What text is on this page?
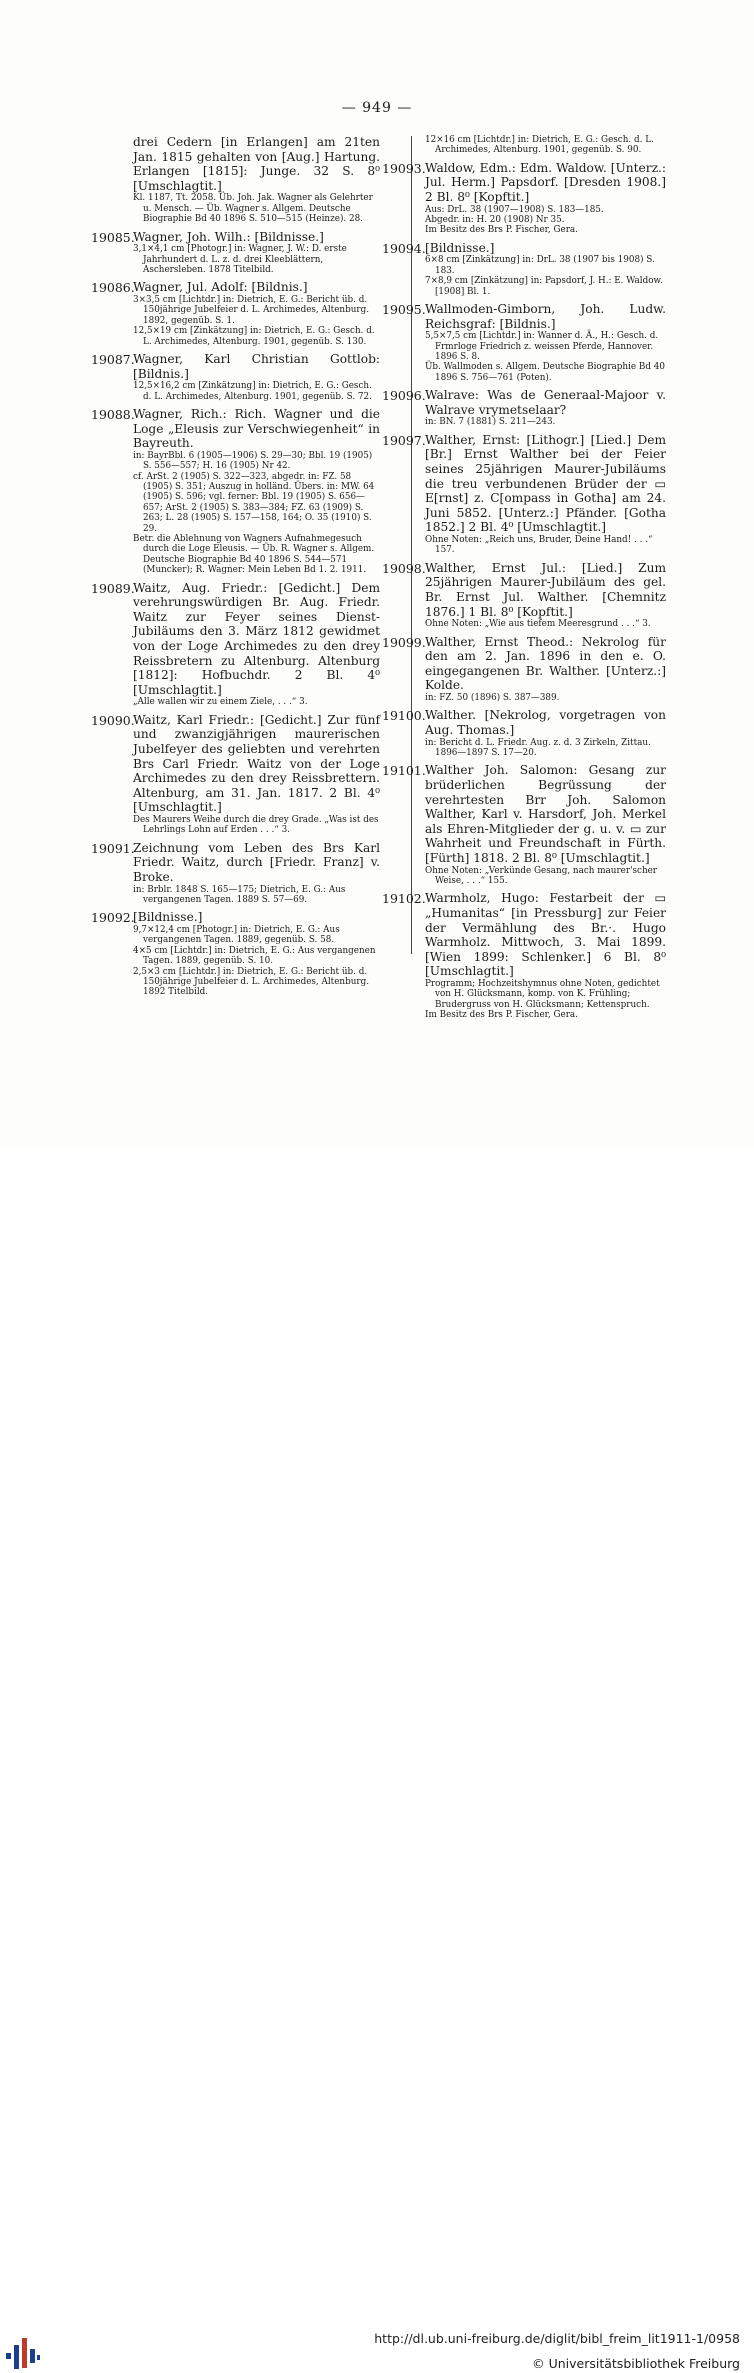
— 949 —
drei Cedern [in Erlangen] am 21ten Jan. 1815 gehalten von [Aug.] Hartung. Erlangen [1815]: Junge. 32 S. 8⁰ [Umschlagtit.]
Kl. 1187, Tt. 2058. Üb. Joh. Jak. Wagner als Gelehrter u. Mensch. — Üb. Wagner s. Allgem. Deutsche Biographie Bd 40 1896 S. 510—515 (Heinze). 28.
19085.
Wagner, Joh. Wilh.: [Bildnisse.]
3,1×4,1 cm [Photogr.] in: Wagner, J. W.: D. erste Jahrhundert d. L. z. d. drei Kleeblättern, Aschersleben. 1878 Titelbild.
19086.
Wagner, Jul. Adolf: [Bildnis.]
3×3,5 cm [Lichtdr.] in: Dietrich, E. G.: Bericht üb. d. 150jährige Jubelfeier d. L. Archimedes, Altenburg. 1892, gegenüb. S. 1.
12,5×19 cm [Zinkätzung] in: Dietrich, E. G.: Gesch. d. L. Archimedes, Altenburg. 1901, gegenüb. S. 130.
19087.
Wagner, Karl Christian Gottlob: [Bildnis.]
12,5×16,2 cm [Zinkätzung] in: Dietrich, E. G.: Gesch. d. L. Archimedes, Altenburg. 1901, gegenüb. S. 72.
19088.
Wagner, Rich.: Rich. Wagner und die Loge „Eleusis zur Verschwiegenheit“ in Bayreuth.
in: BayrBbl. 6 (1905—1906) S. 29—30; Bbl. 19 (1905) S. 556—557; H. 16 (1905) Nr 42.
cf. ArSt. 2 (1905) S. 322—323, abgedr. in: FZ. 58 (1905) S. 351; Auszug in holländ. Übers. in: MW. 64 (1905) S. 596; vgl. ferner: Bbl. 19 (1905) S. 656—657; ArSt. 2 (1905) S. 383—384; FZ. 63 (1909) S. 263; L. 28 (1905) S. 157—158, 164; O. 35 (1910) S. 29.
Betr. die Ablehnung von Wagners Aufnahmegesuch durch die Loge Eleusis. — Üb. R. Wagner s. Allgem. Deutsche Biographie Bd 40 1896 S. 544—571 (Muncker); R. Wagner: Mein Leben Bd 1. 2. 1911.
19089.
Waitz, Aug. Friedr.: [Gedicht.] Dem verehrungswürdigen Br. Aug. Friedr. Waitz zur Feyer seines Dienst-Jubiläums den 3. März 1812 gewidmet von der Loge Archimedes zu den drey Reissbretern zu Altenburg. Altenburg [1812]: Hofbuchdr. 2 Bl. 4⁰ [Umschlagtit.]
„Alle wallen wir zu einem Ziele, . . .“ 3.
19090.
Waitz, Karl Friedr.: [Gedicht.] Zur fünf und zwanzigjährigen maurerischen Jubelfeyer des geliebten und verehrten Brs Carl Friedr. Waitz von der Loge Archimedes zu den drey Reissbrettern. Altenburg, am 31. Jan. 1817. 2 Bl. 4⁰ [Umschlagtit.]
Des Maurers Weihe durch die drey Grade. „Was ist des Lehrlings Lohn auf Erden . . .“ 3.
19091.
Zeichnung vom Leben des Brs Karl Friedr. Waitz, durch [Friedr. Franz] v. Broke.
in: Brblr. 1848 S. 165—175; Dietrich, E. G.: Aus vergangenen Tagen. 1889 S. 57—69.
19092.
[Bildnisse.]
9,7×12,4 cm [Photogr.] in: Dietrich, E. G.: Aus vergangenen Tagen. 1889, gegenüb. S. 58.
4×5 cm [Lichtdr.] in: Dietrich, E. G.: Aus vergangenen Tagen. 1889, gegenüb. S. 10.
2,5×3 cm [Lichtdr.] in: Dietrich, E. G.: Bericht üb. d. 150jährige Jubelfeier d. L. Archimedes, Altenburg. 1892 Titelbild.
12×16 cm [Lichtdr.] in: Dietrich, E. G.: Gesch. d. L. Archimedes, Altenburg. 1901, gegenüb. S. 90.
19093. Waldow, Edm.: Edm. Waldow. [Unterz.: Jul. Herm.] Papsdorf. [Dresden 1908.] 2 Bl. 8⁰ [Kopftit.]
Aus: DrL. 38 (1907—1908) S. 183—185.
Abgedr. in: H. 20 (1908) Nr 35.
Im Besitz des Brs P. Fischer, Gera.
19094. [Bildnisse.]
6×8 cm [Zinkätzung] in: DrL. 38 (1907 bis 1908) S. 183.
7×8,9 cm [Zinkätzung] in: Papsdorf, J. H.: E. Waldow. [1908] Bl. 1.
19095. Wallmoden-Gimborn, Joh. Ludw. Reichsgraf: [Bildnis.]
5,5×7,5 cm [Lichtdr.] in: Wanner d. Ä., H.: Gesch. d. Frmrloge Friedrich z. weissen Pferde, Hannover. 1896 S. 8.
Üb. Wallmoden s. Allgem. Deutsche Biographie Bd 40 1896 S. 756—761 (Poten).
19096. Walrave: Was de Generaal-Majoor v. Walrave vrymetselaar?
in: BN. 7 (1881) S. 211—243.
19097. Walther, Ernst: [Lithogr.] [Lied.] Dem [Br.] Ernst Walther bei der Feier seines 25jährigen Maurer-Jubiläums die treu verbundenen Brüder der ▭ E[rnst] z. C[ompass in Gotha] am 24. Juni 5852. [Unterz.:] Pfänder. [Gotha 1852.] 2 Bl. 4⁰ [Umschlagtit.]
Ohne Noten: „Reich uns, Bruder, Deine Hand! . . .“ 157.
19098. Walther, Ernst Jul.: [Lied.] Zum 25jährigen Maurer-Jubiläum des gel. Br. Ernst Jul. Walther. [Chemnitz 1876.] 1 Bl. 8⁰ [Kopftit.]
Ohne Noten: „Wie aus tiefem Meeresgrund . . .“ 3.
19099. Walther, Ernst Theod.: Nekrolog für den am 2. Jan. 1896 in den e. O. eingegangenen Br. Walther. [Unterz.:] Kolde.
in: FZ. 50 (1896) S. 387—389.
19100. Walther. [Nekrolog, vorgetragen von Aug. Thomas.]
in: Bericht d. L. Friedr. Aug. z. d. 3 Zirkeln, Zittau. 1896—1897 S. 17—20.
19101. Walther Joh. Salomon: Gesang zur brüderlichen Begrüssung der verehrtesten Brr Joh. Salomon Walther, Karl v. Harsdorf, Joh. Merkel als Ehren-Mitglieder der g. u. v. ▭ zur Wahrheit und Freundschaft in Fürth. [Fürth] 1818. 2 Bl. 8⁰ [Umschlagtit.]
Ohne Noten: „Verkündе Gesang, nach maurer'scher Weise, . . .“ 155.
19102. Warmholz, Hugo: Festarbeit der ▭ „Humanitas“ [in Pressburg] zur Feier der Vermählung des Br.·. Hugo Warmholz. Mittwoch, 3. Mai 1899. [Wien 1899: Schlenker.] 6 Bl. 8⁰ [Umschlagtit.]
Programm; Hochzeitshymnus ohne Noten, gedichtet von H. Glücksmann, komp. von K. Frühling; Brudergruss von H. Glücksmann; Kettenspruch.
Im Besitz des Brs P. Fischer, Gera.
http://dl.ub.uni-freiburg.de/diglit/bibl_freim_lit1911-1/0958
© Universitätsbibliothek Freiburg
